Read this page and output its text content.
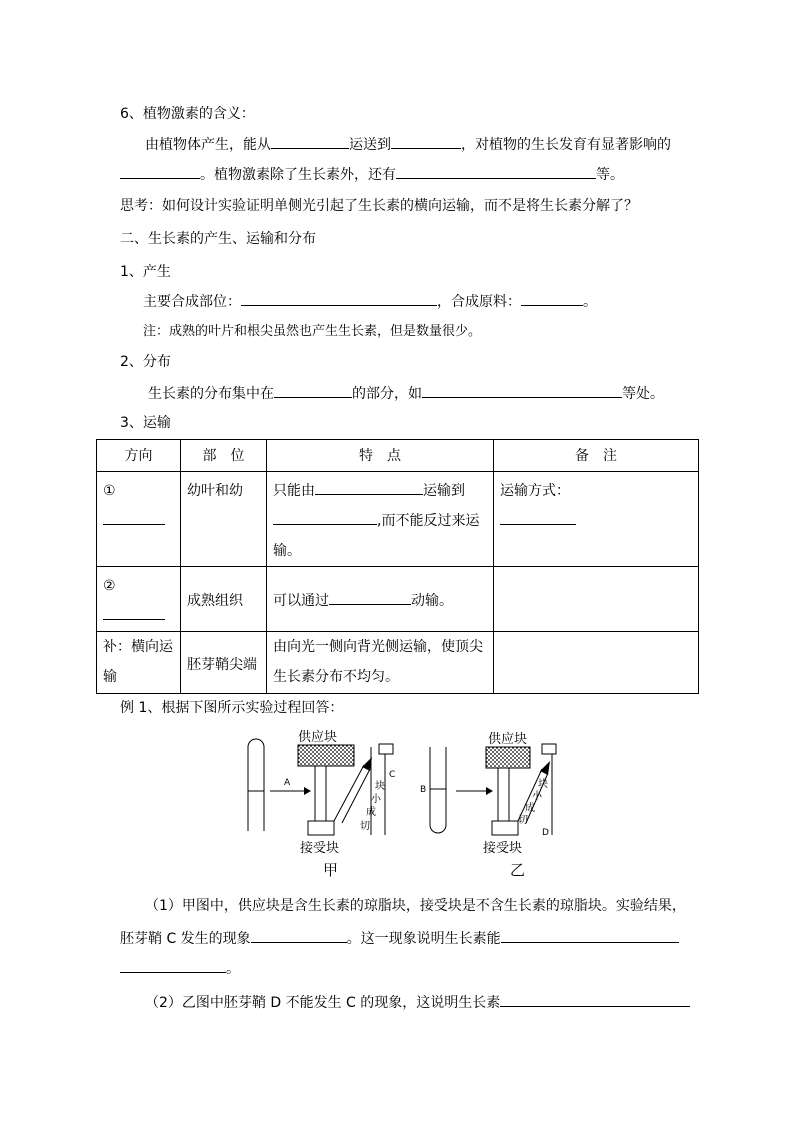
6、植物激素的含义：
由植物体产生，能从	运送到	，对植物的生长发育有显著影响的
。植物激素除了生长素外，还有	等。
思考：如何设计实验证明单侧光引起了生长素的横向运输，而不是将生长素分解了？
二、生长素的产生、运输和分布
1、产生
主要合成部位：	，合成原料：	。
注：成熟的叶片和根尖虽然也产生生长素，但是数量很少。
2、分布
生长素的分布集中在	的部分，如	等处。
3、运输
方向	部　位	特　点	备　注

①	幼叶和幼	只能由 运输到
,而不能反过来运
输。	运输方式：

②	成熟组织	可以通过 动输。	

补：横向运输	胚芽鞘尖端	由向光一侧向背光侧运输，使顶尖
生长素分布不均匀。	

例 1、根据下图所示实验过程回答：
A
供应块
接受块
切
成
小
块
C
甲
B
供应块
接受块
切
成
小
块
D
乙
（1）甲图中，供应块是含生长素的琼脂块，接受块是不含生长素的琼脂块。实验结果，
胚芽鞘 C 发生的现象	。这一现象说明生长素能
。
（2）乙图中胚芽鞘 D 不能发生 C 的现象，这说明生长素
